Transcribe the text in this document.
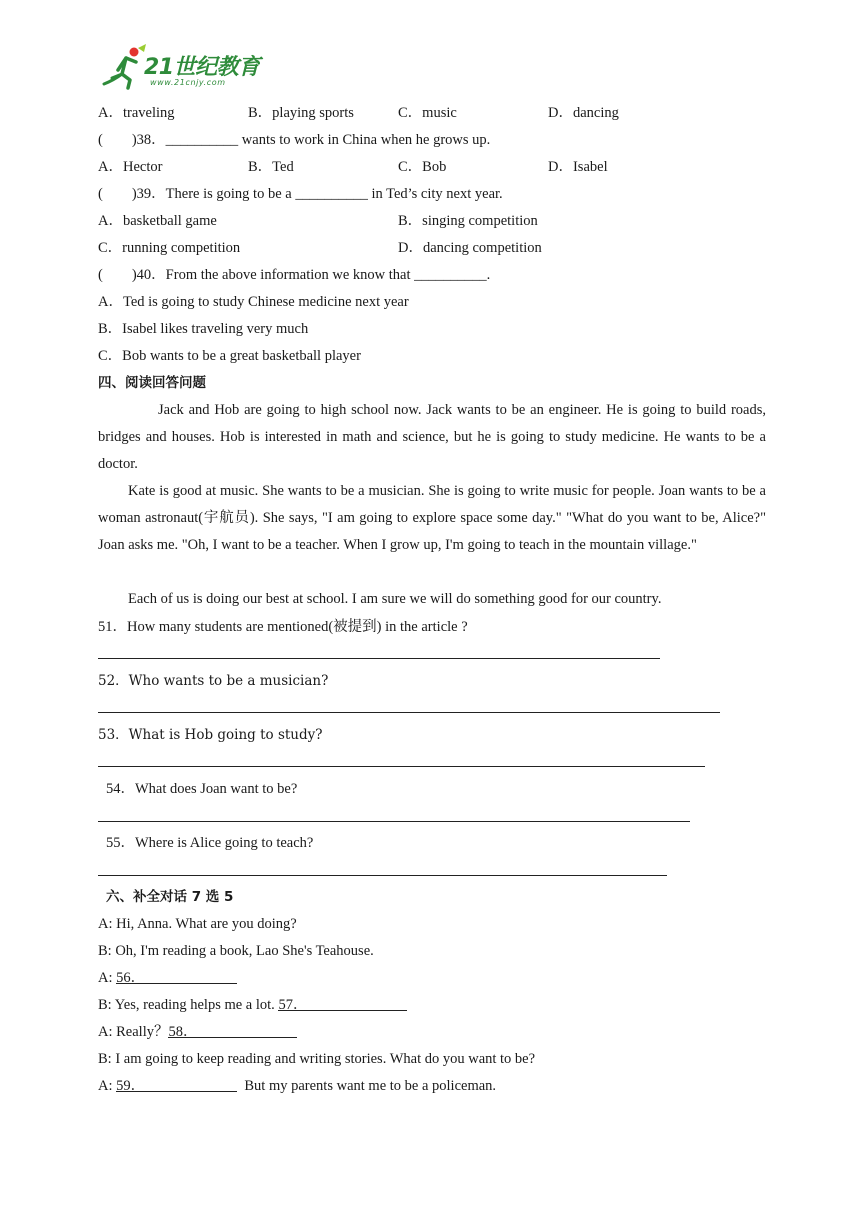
21世纪教育
www.21cnjy.com
A．traveling	B．playing sports	C．music	D．dancing
(　　)38．__________ wants to work in China when he grows up.
A．Hector	B．Ted	C．Bob	D．Isabel
(　　)39．There is going to be a __________ in Ted’s city next year.
A．basketball game	B．singing competition
C．running competition	D．dancing competition
(　　)40．From the above information we know that __________.
A．Ted is going to study Chinese medicine next year
B．Isabel likes traveling very much
C．Bob wants to be a great basketball player
四、阅读回答问题
Jack and Hob are going to high school now. Jack wants to be an engineer. He is going to build roads, bridges and houses. Hob is interested in math and science, but he is going to study medicine. He wants to be a doctor.
Kate is good at music. She wants to be a musician. She is going to write music for people. Joan wants to be a woman astronaut(宇航员). She says, "I am going to explore space some day." "What do you want to be, Alice?" Joan asks me. "Oh, I want to be a teacher. When I grow up, I'm going to teach in the mountain village."
Each of us is doing our best at school. I am sure we will do something good for our country.
51．How many students are mentioned(被提到) in the article ?
52．Who wants to be a musician?
53．What is Hob going to study?
54．What does Joan want to be?
55．Where is Alice going to teach?
六、补全对话 7 选 5
A: Hi, Anna. What are you doing?
B: Oh, I'm reading a book, Lao She's Teahouse.
A: 56．
B: Yes, reading helps me a lot. 57．
A: Really？58．
B: I am going to keep reading and writing stories. What do you want to be?
A: 59．	But my parents want me to be a policeman.
